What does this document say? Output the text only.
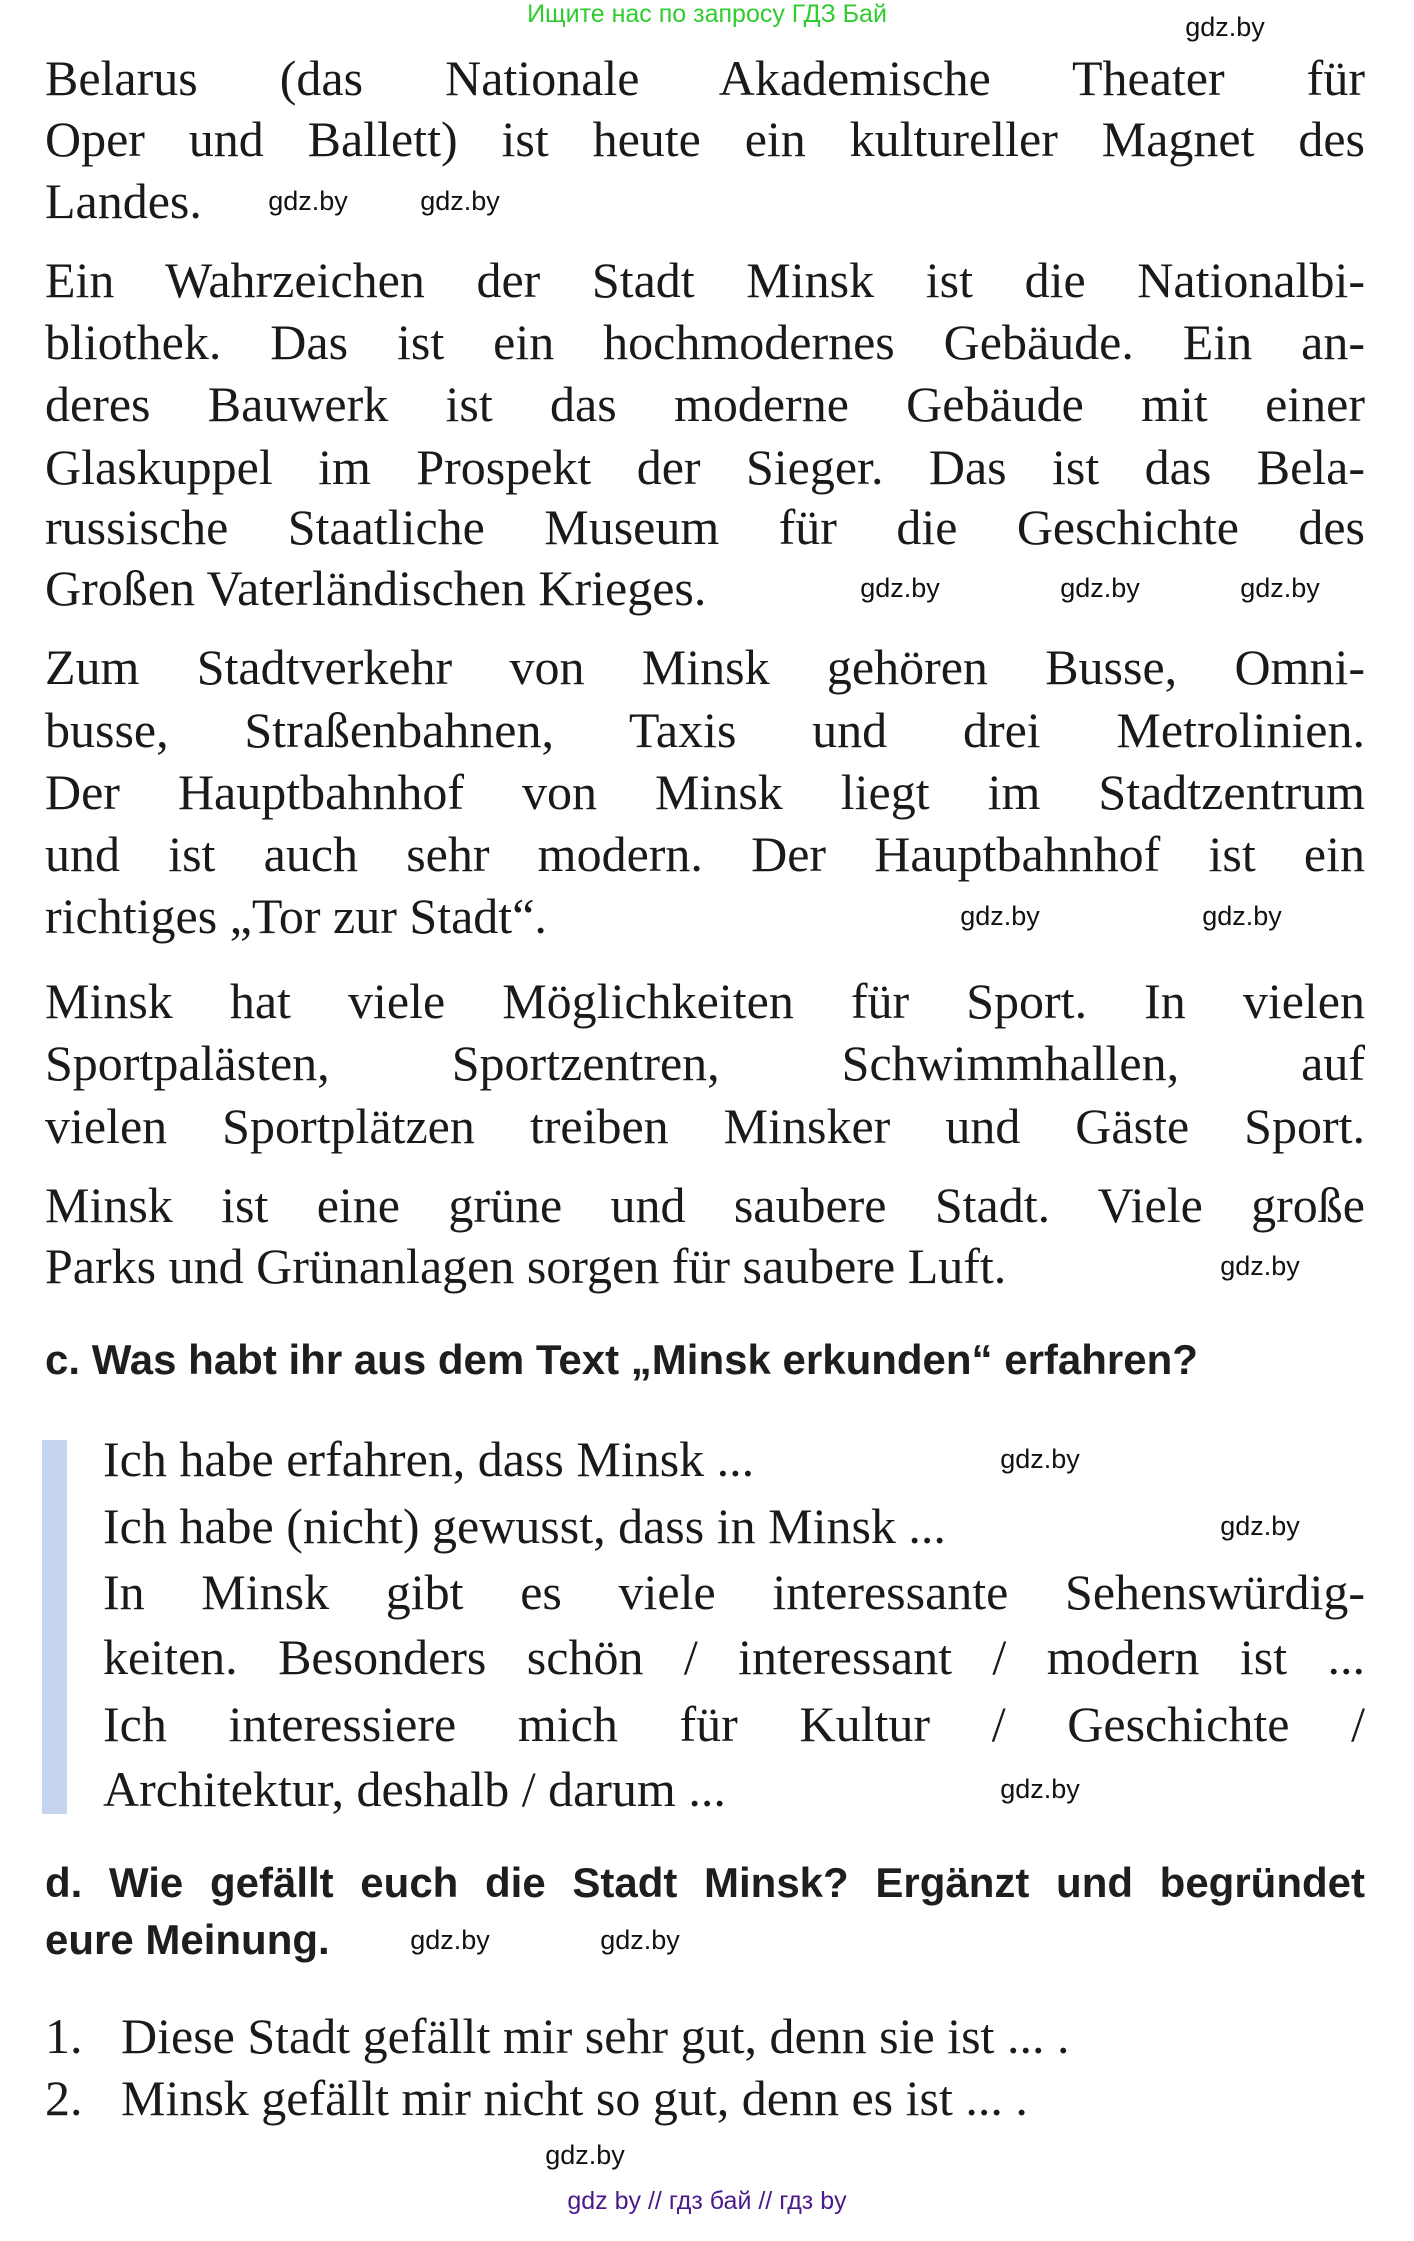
Ищите нас по запросу ГДЗ Бай
Belarus (das Nationale Akademische Theater für
Oper und Ballett) ist heute ein kultureller Magnet des
Landes.
Ein Wahrzeichen der Stadt Minsk ist die Nationalbi-
bliothek. Das ist ein hochmodernes Gebäude. Ein an-
deres Bauwerk ist das moderne Gebäude mit einer
Glaskuppel im Prospekt der Sieger. Das ist das Bela-
russische Staatliche Museum für die Geschichte des
Großen Vaterländischen Krieges.
Zum Stadtverkehr von Minsk gehören Busse, Omni-
busse, Straßenbahnen, Taxis und drei Metrolinien.
Der Hauptbahnhof von Minsk liegt im Stadtzentrum
und ist auch sehr modern. Der Hauptbahnhof ist ein
richtiges „Tor zur Stadt“.
Minsk hat viele Möglichkeiten für Sport. In vielen
Sportpalästen, Sportzentren, Schwimmhallen, auf
vielen Sportplätzen treiben Minsker und Gäste Sport.
Minsk ist eine grüne und saubere Stadt. Viele große
Parks und Grünanlagen sorgen für saubere Luft.
c. Was habt ihr aus dem Text „Minsk erkunden“ erfahren?
Ich habe erfahren, dass Minsk ...
Ich habe (nicht) gewusst, dass in Minsk ...
In Minsk gibt es viele interessante Sehenswürdig-
keiten. Besonders schön / interessant / modern ist ...
Ich interessiere mich für Kultur / Geschichte /
Architektur, deshalb / darum ...
d. Wie gefällt euch die Stadt Minsk? Ergänzt und begründet
eure Meinung.
1. Diese Stadt gefällt mir sehr gut, denn sie ist ... .
2. Minsk gefällt mir nicht so gut, denn es ist ... .
gdz.by
gdz.by
gdz.by
gdz.by	gdz.by	gdz.by
gdz.by
gdz.by
gdz.by
gdz.by
gdz.by
gdz.by
gdz.by	gdz.by
gdz.by
gdz by // гдз бай // гдз by
